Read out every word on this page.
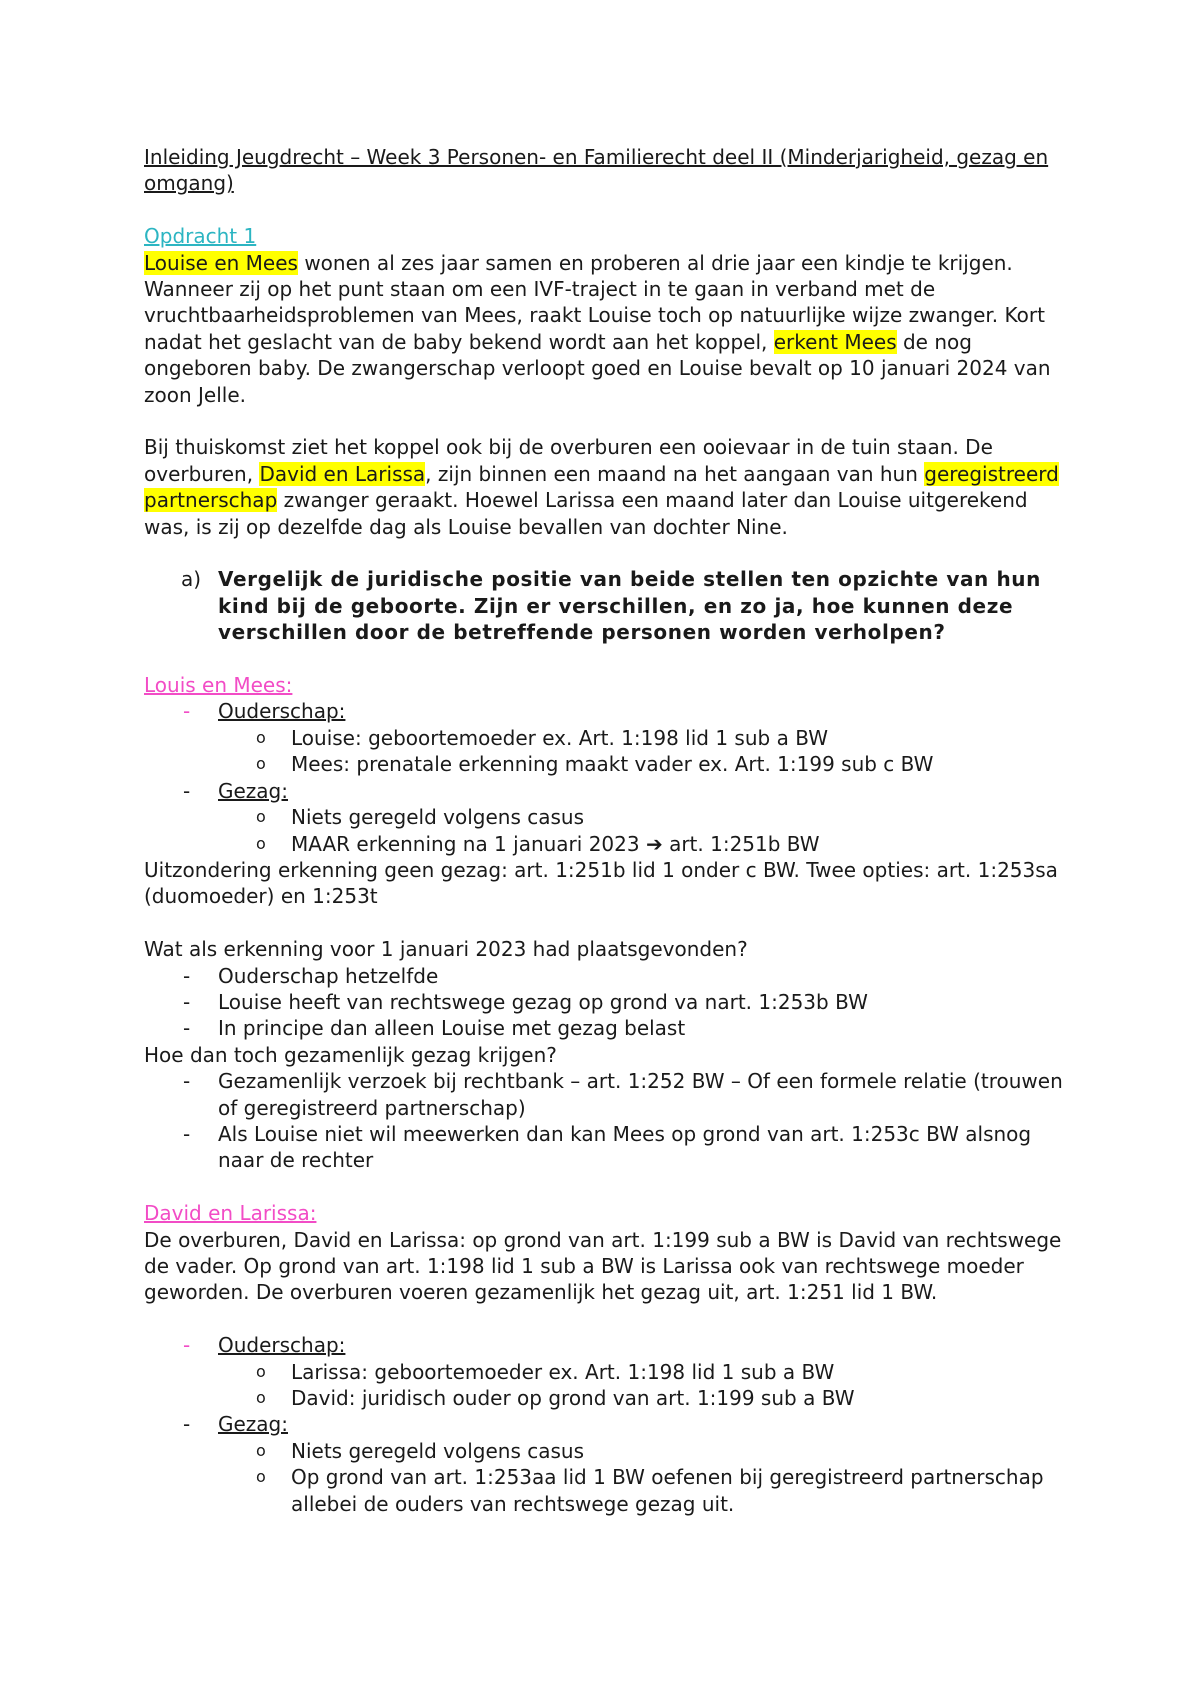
Inleiding Jeugdrecht – Week 3 Personen- en Familierecht deel II (Minderjarigheid, gezag en omgang)

Opdracht 1

Louise en Mees wonen al zes jaar samen en proberen al drie jaar een kindje te krijgen. Wanneer zij op het punt staan om een IVF-traject in te gaan in verband met de vruchtbaarheidsproblemen van Mees, raakt Louise toch op natuurlijke wijze zwanger. Kort nadat het geslacht van de baby bekend wordt aan het koppel, erkent Mees de nog ongeboren baby. De zwangerschap verloopt goed en Louise bevalt op 10 januari 2024 van zoon Jelle.

Bij thuiskomst ziet het koppel ook bij de overburen een ooievaar in de tuin staan. De overburen, David en Larissa, zijn binnen een maand na het aangaan van hun geregistreerd partnerschap zwanger geraakt. Hoewel Larissa een maand later dan Louise uitgerekend was, is zij op dezelfde dag als Louise bevallen van dochter Nine.

a) Vergelijk de juridische positie van beide stellen ten opzichte van hun kind bij de geboorte. Zijn er verschillen, en zo ja, hoe kunnen deze verschillen door de betreffende personen worden verholpen?

Louis en Mees:

- Ouderschap:

o Louise: geboortemoeder ex. Art. 1:198 lid 1 sub a BW

o Mees: prenatale erkenning maakt vader ex. Art. 1:199 sub c BW

- Gezag:

o Niets geregeld volgens casus

o MAAR erkenning na 1 januari 2023 ➔ art. 1:251b BW

Uitzondering erkenning geen gezag: art. 1:251b lid 1 onder c BW. Twee opties: art. 1:253sa (duomoeder) en 1:253t

Wat als erkenning voor 1 januari 2023 had plaatsgevonden?

- Ouderschap hetzelfde

- Louise heeft van rechtswege gezag op grond va nart. 1:253b BW

- In principe dan alleen Louise met gezag belast

Hoe dan toch gezamenlijk gezag krijgen?

- Gezamenlijk verzoek bij rechtbank – art. 1:252 BW – Of een formele relatie (trouwen of geregistreerd partnerschap)

- Als Louise niet wil meewerken dan kan Mees op grond van art. 1:253c BW alsnog naar de rechter

David en Larissa:

De overburen, David en Larissa: op grond van art. 1:199 sub a BW is David van rechtswege de vader. Op grond van art. 1:198 lid 1 sub a BW is Larissa ook van rechtswege moeder geworden. De overburen voeren gezamenlijk het gezag uit, art. 1:251 lid 1 BW.

- Ouderschap:

o Larissa: geboortemoeder ex. Art. 1:198 lid 1 sub a BW

o David: juridisch ouder op grond van art. 1:199 sub a BW

- Gezag:

o Niets geregeld volgens casus

o Op grond van art. 1:253aa lid 1 BW oefenen bij geregistreerd partnerschap allebei de ouders van rechtswege gezag uit.
